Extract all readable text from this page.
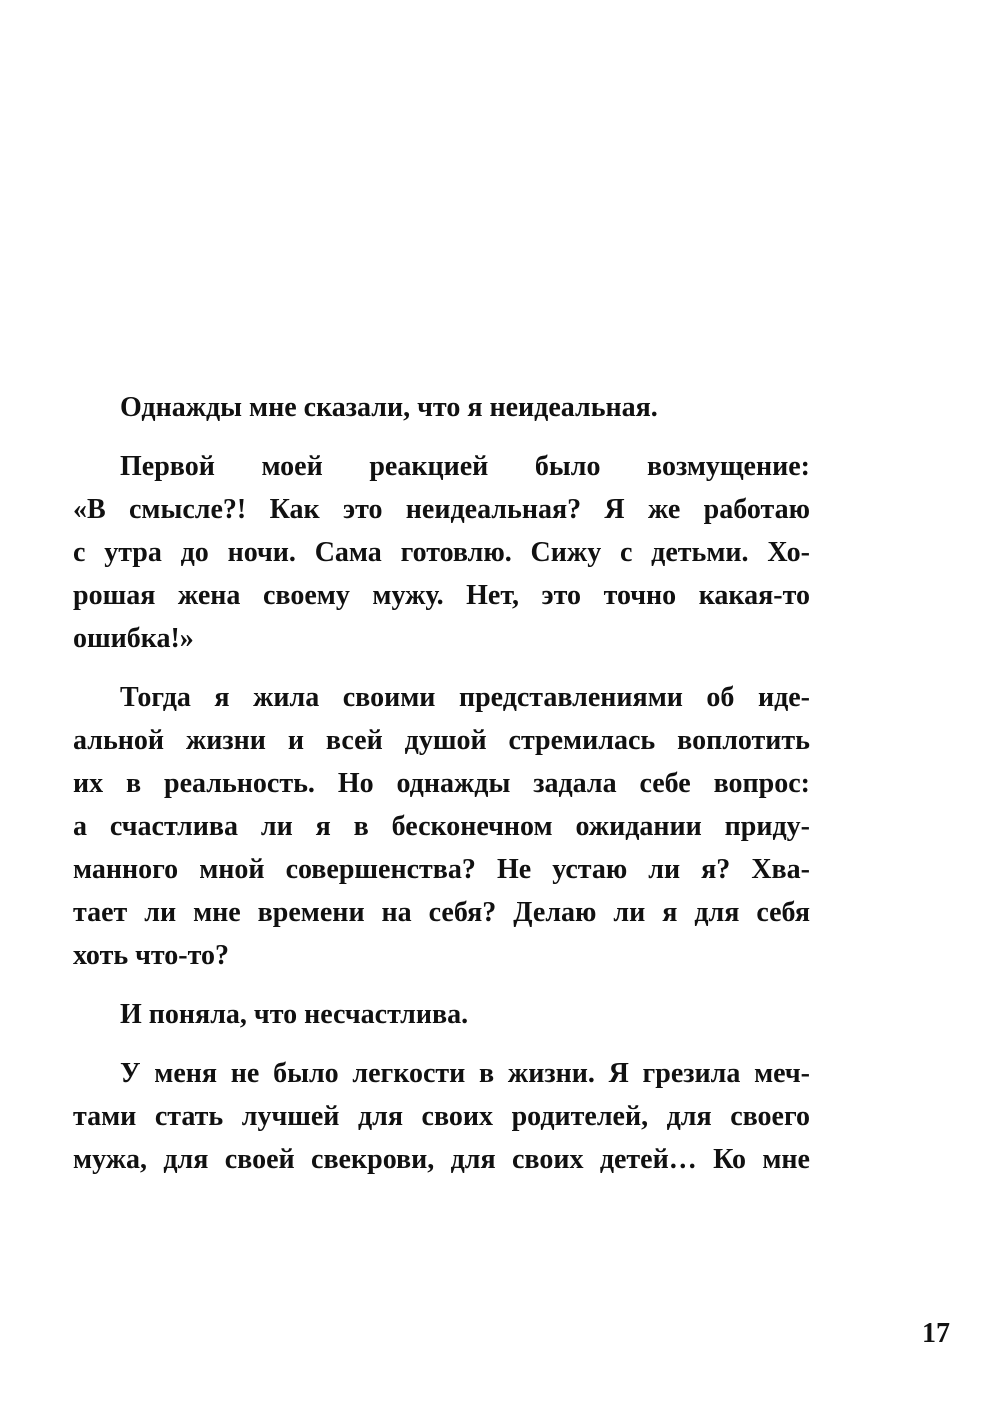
Однажды мне сказали, что я неидеальная.
Первой моей реакцией было возмущение:
«В смысле?! Как это неидеальная? Я же работаю
с утра до ночи. Сама готовлю. Сижу с детьми. Хо-
рошая жена своему мужу. Нет, это точно какая-то
ошибка!»
Тогда я жила своими представлениями об иде-
альной жизни и всей душой стремилась воплотить
их в реальность. Но однажды задала себе вопрос:
а счастлива ли я в бесконечном ожидании приду-
манного мной совершенства? Не устаю ли я? Хва-
тает ли мне времени на себя? Делаю ли я для себя
хоть что-то?
И поняла, что несчастлива.
У меня не было легкости в жизни. Я грезила меч-
тами стать лучшей для своих родителей, для своего
мужа, для своей свекрови, для своих детей… Ко мне
17
